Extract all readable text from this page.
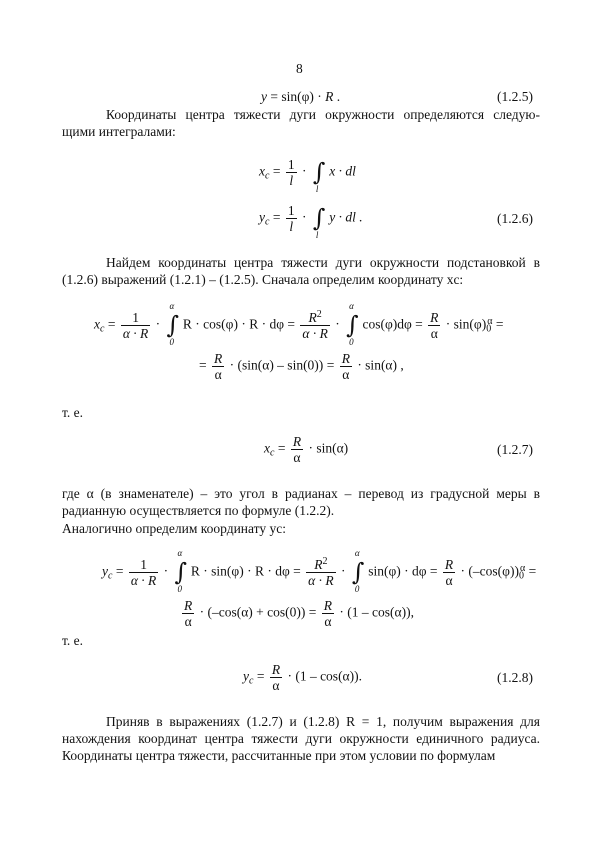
8
y = sin(φ) · R .	(1.2.5)
Координаты центра тяжести дуги окружности определяются следую- щими интегралами:
$x_c = \frac{1}{l}$ · ∫
l
x · dl
$y_c = \frac{1}{l}$ · ∫
l
y · dl .	(1.2.6)
Найдем координаты центра тяжести дуги окружности подстановкой в (1.2.6) выражений (1.2.1) – (1.2.5). Сначала определим координату xc:
$x_c = \frac{1}{\alpha \cdot R}$ ·
α
∫
0
$R \cdot \cos(\varphi) \cdot R \cdot d\varphi = \frac{R^2}{\alpha \cdot R}$ ·
α
∫
0
$\cos(\varphi)d\varphi = \frac{R}{\alpha} \cdot \sin(\varphi)_0^\alpha$ =
= $\frac{R}{\alpha} \cdot (\sin(\alpha) - \sin(0)) = \frac{R}{\alpha} \cdot \sin(\alpha)$ ,
т. е.
$x_c = \frac{R}{\alpha} \cdot \sin(\alpha)$	(1.2.7)
где α (в знаменателе) – это угол в радианах – перевод из градусной меры в радианную осуществляется по формуле (1.2.2).
Аналогично определим координату yc:
$y_c = \frac{1}{\alpha \cdot R}$ ·
α
∫
0
$R \cdot \sin(\varphi) \cdot R \cdot d\varphi = \frac{R^2}{\alpha \cdot R}$ ·
α
∫
0
$\sin(\varphi) \cdot d\varphi = \frac{R}{\alpha} \cdot (-\cos(\varphi))_0^\alpha$ =
$\frac{R}{\alpha} \cdot (-\cos(\alpha) + \cos(0)) = \frac{R}{\alpha} \cdot (1 - \cos(\alpha))$,
т. е.
$y_c = \frac{R}{\alpha} \cdot (1 - \cos(\alpha))$.	(1.2.8)
Приняв в выражениях (1.2.7) и (1.2.8) R = 1, получим выражения для нахождения координат центра тяжести дуги окружности единичного радиуса. Координаты центра тяжести, рассчитанные при этом условии по формулам
